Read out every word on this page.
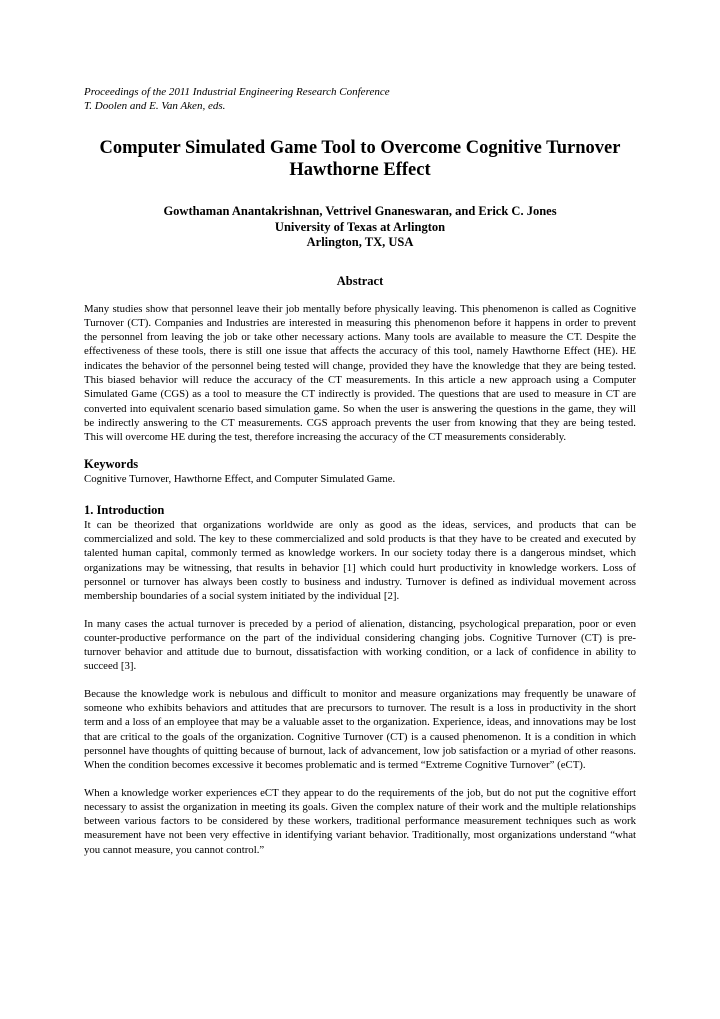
Proceedings of the 2011 Industrial Engineering Research Conference
T. Doolen and E. Van Aken, eds.
Computer Simulated Game Tool to Overcome Cognitive Turnover
Hawthorne Effect
Gowthaman Anantakrishnan, Vettrivel Gnaneswaran, and Erick C. Jones
University of Texas at Arlington
Arlington, TX, USA
Abstract

Many studies show that personnel leave their job mentally before physically leaving. This phenomenon is called as Cognitive Turnover (CT). Companies and Industries are interested in measuring this phenomenon before it happens in order to prevent the personnel from leaving the job or take other necessary actions. Many tools are available to measure the CT. Despite the effectiveness of these tools, there is still one issue that affects the accuracy of this tool, namely Hawthorne Effect (HE). HE indicates the behavior of the personnel being tested will change, provided they have the knowledge that they are being tested. This biased behavior will reduce the accuracy of the CT measurements. In this article a new approach using a Computer Simulated Game (CGS) as a tool to measure the CT indirectly is provided. The questions that are used to measure in CT are converted into equivalent scenario based simulation game. So when the user is answering the questions in the game, they will be indirectly answering to the CT measurements. CGS approach prevents the user from knowing that they are being tested. This will overcome HE during the test, therefore increasing the accuracy of the CT measurements considerably.

Keywords

Cognitive Turnover, Hawthorne Effect, and Computer Simulated Game.

1. Introduction

It can be theorized that organizations worldwide are only as good as the ideas, services, and products that can be commercialized and sold. The key to these commercialized and sold products is that they have to be created and executed by talented human capital, commonly termed as knowledge workers. In our society today there is a dangerous mindset, which organizations may be witnessing, that results in behavior [1] which could hurt productivity in knowledge workers. Loss of personnel or turnover has always been costly to business and industry. Turnover is defined as individual movement across membership boundaries of a social system initiated by the individual [2].

In many cases the actual turnover is preceded by a period of alienation, distancing, psychological preparation, poor or even counter-productive performance on the part of the individual considering changing jobs. Cognitive Turnover (CT) is pre-turnover behavior and attitude due to burnout, dissatisfaction with working condition, or a lack of confidence in ability to succeed [3].

Because the knowledge work is nebulous and difficult to monitor and measure organizations may frequently be unaware of someone who exhibits behaviors and attitudes that are precursors to turnover. The result is a loss in productivity in the short term and a loss of an employee that may be a valuable asset to the organization. Experience, ideas, and innovations may be lost that are critical to the goals of the organization. Cognitive Turnover (CT) is a caused phenomenon. It is a condition in which personnel have thoughts of quitting because of burnout, lack of advancement, low job satisfaction or a myriad of other reasons. When the condition becomes excessive it becomes problematic and is termed “Extreme Cognitive Turnover” (eCT).

When a knowledge worker experiences eCT they appear to do the requirements of the job, but do not put the cognitive effort necessary to assist the organization in meeting its goals. Given the complex nature of their work and the multiple relationships between various factors to be considered by these workers, traditional performance measurement techniques such as work measurement have not been very effective in identifying variant behavior. Traditionally, most organizations understand “what you cannot measure, you cannot control.”
